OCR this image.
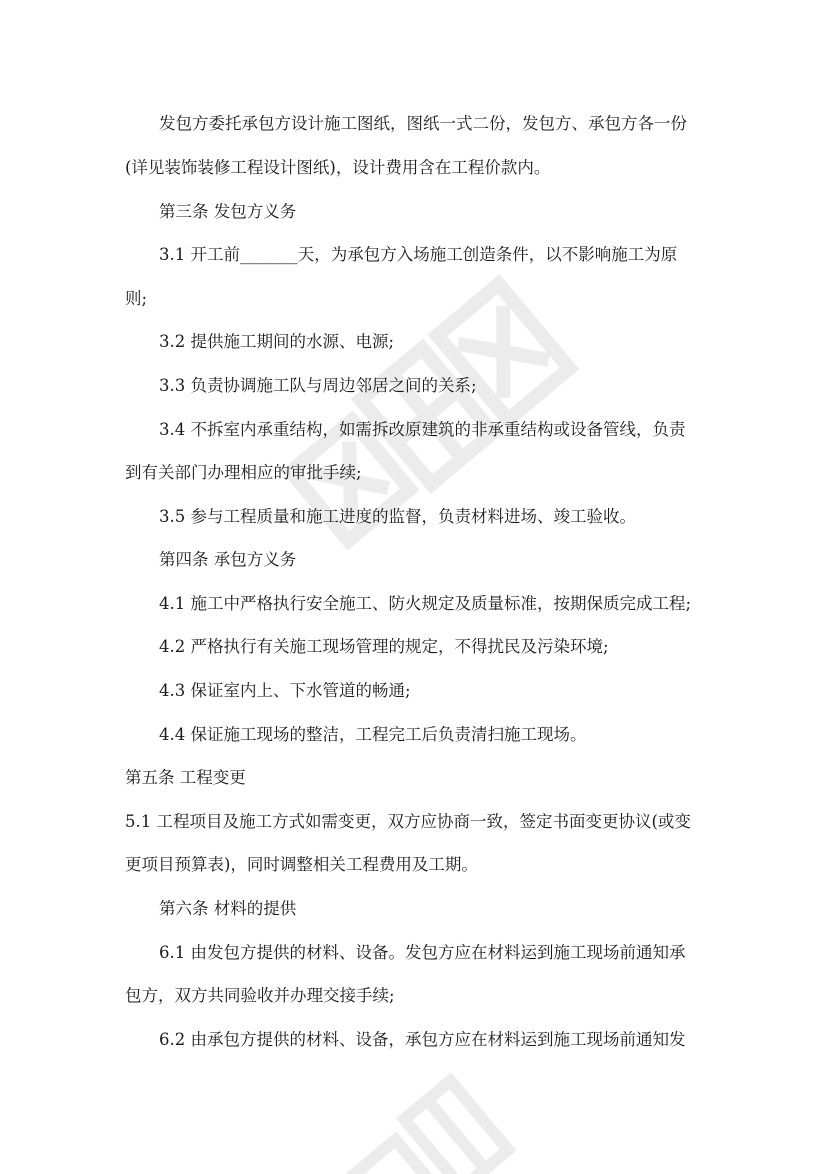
发包方委托承包方设计施工图纸，图纸一式二份，发包方、承包方各一份
(详见装饰装修工程设计图纸)，设计费用含在工程价款内。
第三条 发包方义务
3.1 开工前_______天，为承包方入场施工创造条件，以不影响施工为原
则;
3.2 提供施工期间的水源、电源;
3.3 负责协调施工队与周边邻居之间的关系;
3.4 不拆室内承重结构，如需拆改原建筑的非承重结构或设备管线，负责
到有关部门办理相应的审批手续;
3.5 参与工程质量和施工进度的监督，负责材料进场、竣工验收。
第四条 承包方义务
4.1 施工中严格执行安全施工、防火规定及质量标准，按期保质完成工程;
4.2 严格执行有关施工现场管理的规定，不得扰民及污染环境;
4.3 保证室内上、下水管道的畅通;
4.4 保证施工现场的整洁，工程完工后负责清扫施工现场。
第五条 工程变更
5.1 工程项目及施工方式如需变更，双方应协商一致，签定书面变更协议(或变
更项目预算表)，同时调整相关工程费用及工期。
第六条 材料的提供
6.1 由发包方提供的材料、设备。发包方应在材料运到施工现场前通知承
包方，双方共同验收并办理交接手续;
6.2 由承包方提供的材料、设备，承包方应在材料运到施工现场前通知发
